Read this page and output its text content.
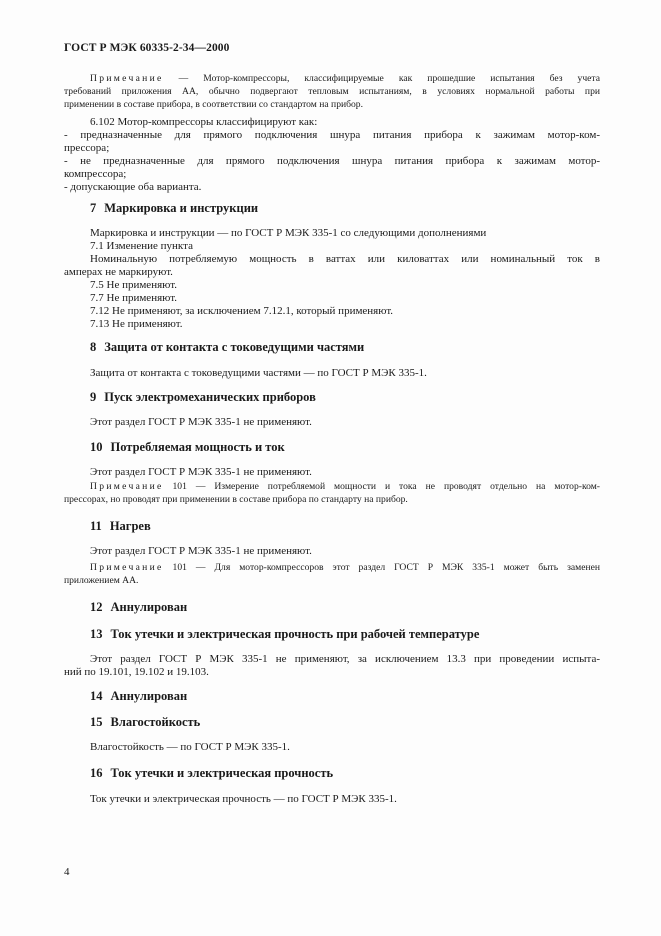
ГОСТ Р МЭК 60335-2-34—2000
Примечание — Мотор-компрессоры, классифицируемые как прошедшие испытания без учета
требований приложения АА, обычно подвергают тепловым испытаниям, в условиях нормальной работы при
применении в составе прибора, в соответствии со стандартом на прибор.
6.102 Мотор-компрессоры классифицируют как:
- предназначенные для прямого подключения шнура питания прибора к зажимам мотор-ком-
прессора;
- не предназначенные для прямого подключения шнура питания прибора к зажимам мотор-
компрессора;
- допускающие оба варианта.
7 Маркировка и инструкции
Маркировка и инструкции — по ГОСТ Р МЭК 335-1 со следующими дополнениями
7.1 Изменение пункта
Номинальную потребляемую мощность в ваттах или киловаттах или номинальный ток в
амперах не маркируют.
7.5 Не применяют.
7.7 Не применяют.
7.12 Не применяют, за исключением 7.12.1, который применяют.
7.13 Не применяют.
8 Защита от контакта с токоведущими частями
Защита от контакта с токоведущими частями — по ГОСТ Р МЭК 335-1.
9 Пуск электромеханических приборов
Этот раздел ГОСТ Р МЭК 335-1 не применяют.
10 Потребляемая мощность и ток
Этот раздел ГОСТ Р МЭК 335-1 не применяют.
Примечание 101 — Измерение потребляемой мощности и тока не проводят отдельно на мотор-ком-
прессорах, но проводят при применении в составе прибора по стандарту на прибор.
11 Нагрев
Этот раздел ГОСТ Р МЭК 335-1 не применяют.
Примечание 101 — Для мотор-компрессоров этот раздел ГОСТ Р МЭК 335-1 может быть заменен
приложением АА.
12 Аннулирован
13 Ток утечки и электрическая прочность при рабочей температуре
Этот раздел ГОСТ Р МЭК 335-1 не применяют, за исключением 13.3 при проведении испыта-
ний по 19.101, 19.102 и 19.103.
14 Аннулирован
15 Влагостойкость
Влагостойкость — по ГОСТ Р МЭК 335-1.
16 Ток утечки и электрическая прочность
Ток утечки и электрическая прочность — по ГОСТ Р МЭК 335-1.
4
